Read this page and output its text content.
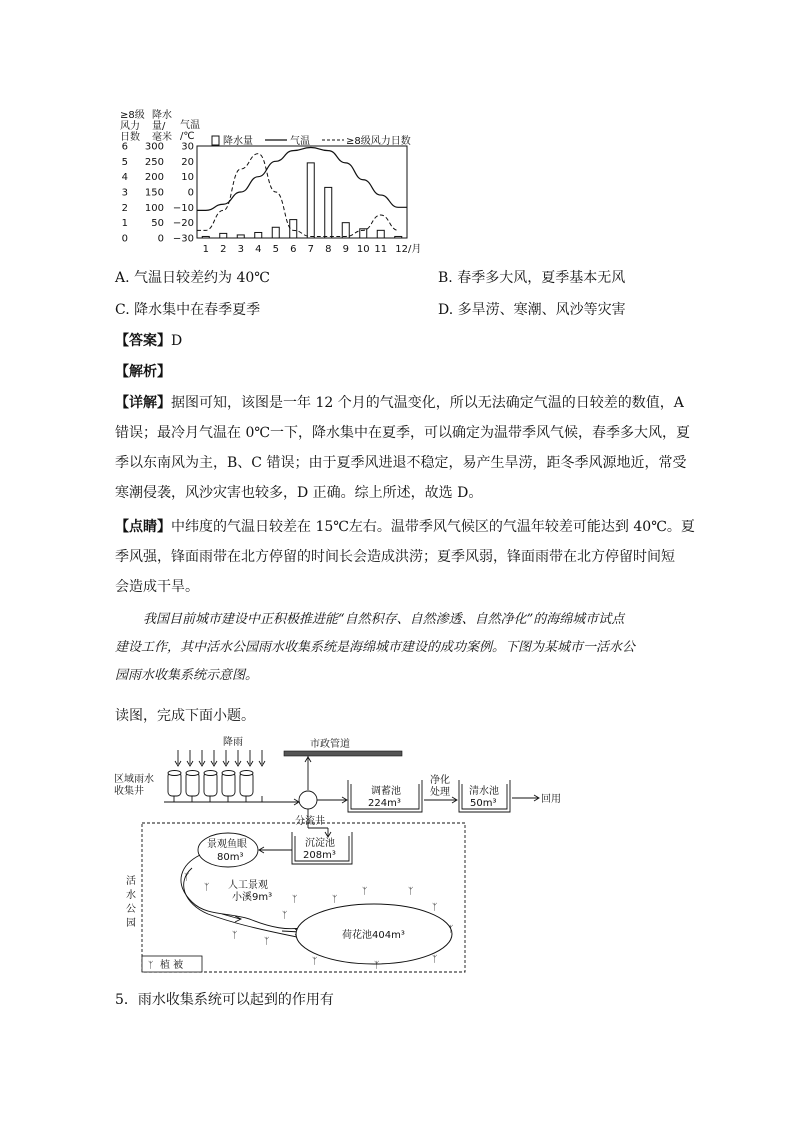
≥8级
风力
日数
降水
量/
毫米
气温
/℃	降水量	气温	≥8级风力日数
6 300 30
5 250 20
4 200 10
3 150 0
2 100 −10
1 50 −20
0	0 −30
1 2 3 4 5 6 7 8 9 10 11 12/月
A. 气温日较差约为 40℃	B. 春季多大风，夏季基本无风
C. 降水集中在春季夏季	D. 多旱涝、寒潮、风沙等灾害
【答案】D
【解析】
【详解】据图可知，该图是一年 12 个月的气温变化，所以无法确定气温的日较差的数值，A
错误；最冷月气温在 0℃一下，降水集中在夏季，可以确定为温带季风气候，春季多大风，夏
季以东南风为主，B、C 错误；由于夏季风进退不稳定，易产生旱涝，距冬季风源地近，常受
寒潮侵袭，风沙灾害也较多，D 正确。综上所述，故选 D。
【点睛】中纬度的气温日较差在 15℃左右。温带季风气候区的气温年较差可能达到 40℃。夏
季风强，锋面雨带在北方停留的时间长会造成洪涝；夏季风弱，锋面雨带在北方停留时间短
会造成干旱。
我国目前城市建设中正积极推进能“自然积存、自然渗透、自然净化”的海绵城市试点
建设工作，其中活水公园雨水收集系统是海绵城市建设的成功案例。下图为某城市一活水公
园雨水收集系统示意图。
读图，完成下面小题。
降雨
区域雨水
收集井
市政管道
分流井
调蓄池
224m³
净化
处理 清水池
50m³	回用
活
水
公
园
沉淀池
208m³
景观鱼眼
80m³
人工景观
小溪9m³
荷花池404m³
ᛉ
ᛉ
ᛉ
ᛉ	ᛉ
ᛉ	ᛉ
ᛉ
ᛉ
ᛉ
ᛉ
ᛉ
ᛉ
ᛉ
ᛉ 植 被
5．雨水收集系统可以起到的作用有
